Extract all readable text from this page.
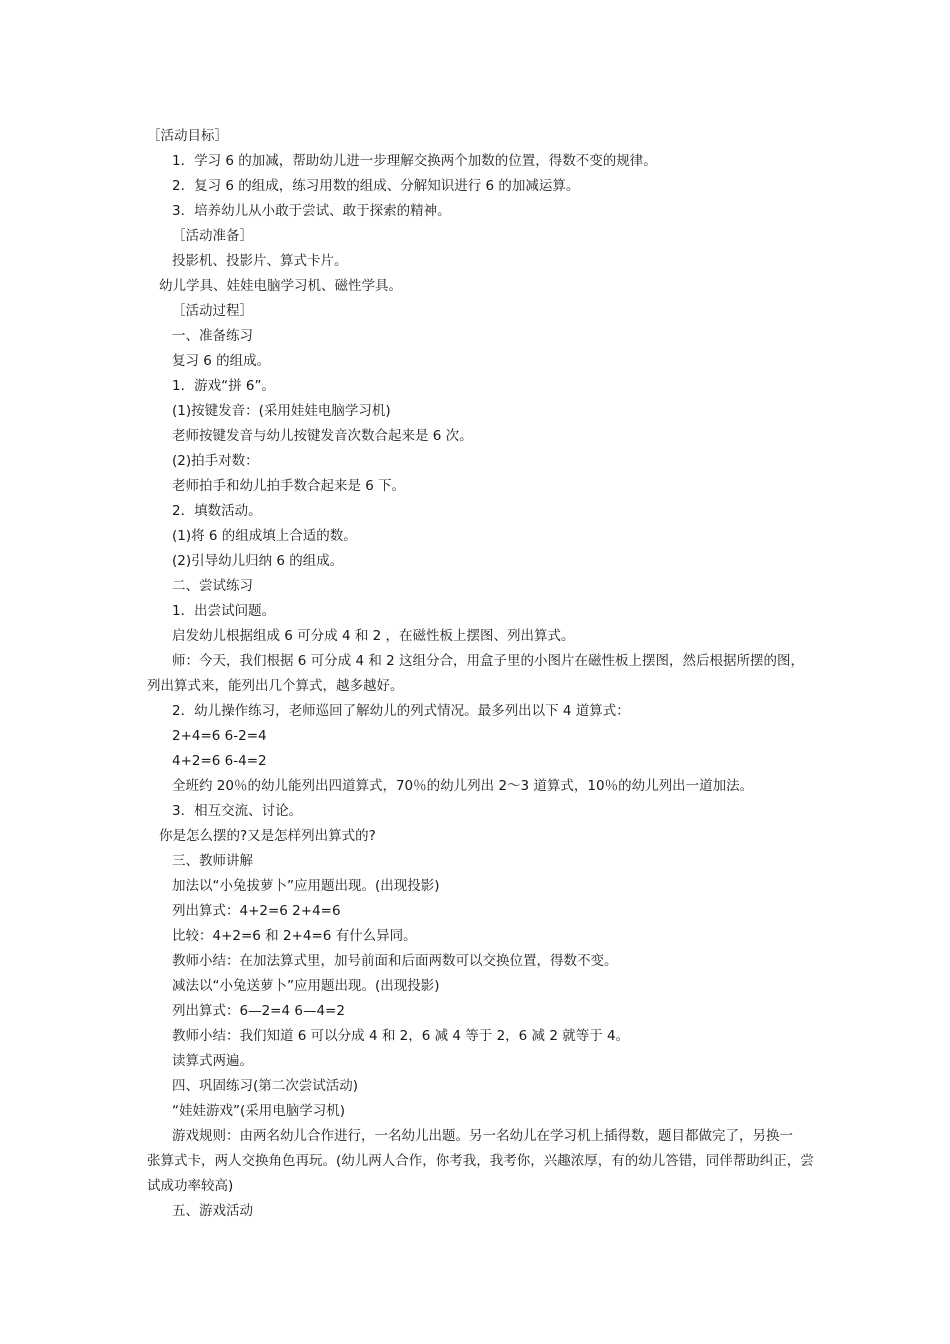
［活动目标］
1．学习 6 的加减，帮助幼儿进一步理解交换两个加数的位置，得数不变的规律。
2．复习 6 的组成，练习用数的组成、分解知识进行 6 的加减运算。
3．培养幼儿从小敢于尝试、敢于探索的精神。
［活动准备］
投影机、投影片、算式卡片。
幼儿学具、娃娃电脑学习机、磁性学具。
［活动过程］
一、准备练习
复习 6 的组成。
1．游戏“拼 6”。
(1)按键发音：(采用娃娃电脑学习机)
老师按键发音与幼儿按键发音次数合起来是 6 次。
(2)拍手对数：
老师拍手和幼儿拍手数合起来是 6 下。
2．填数活动。
(1)将 6 的组成填上合适的数。
(2)引导幼儿归纳 6 的组成。
二、尝试练习
1．出尝试问题。
启发幼儿根据组成 6 可分成 4 和 2 ，在磁性板上摆图、列出算式。
师：今天，我们根据 6 可分成 4 和 2 这组分合，用盒子里的小图片在磁性板上摆图，然后根据所摆的图，
列出算式来，能列出几个算式，越多越好。
2．幼儿操作练习，老师巡回了解幼儿的列式情况。最多列出以下 4 道算式：
2+4=6 6-2=4
4+2=6 6-4=2
全班约 20％的幼儿能列出四道算式，70％的幼儿列出 2～3 道算式，10％的幼儿列出一道加法。
3．相互交流、讨论。
你是怎么摆的?又是怎样列出算式的?
三、教师讲解
加法以“小兔拔萝卜”应用题出现。(出现投影)
列出算式：4+2=6 2+4=6
比较：4+2=6 和 2+4=6 有什么异同。
教师小结：在加法算式里，加号前面和后面两数可以交换位置，得数不变。
减法以“小兔送萝卜”应用题出现。(出现投影)
列出算式：6—2=4 6—4=2
教师小结：我们知道 6 可以分成 4 和 2，6 减 4 等于 2，6 减 2 就等于 4。
读算式两遍。
四、巩固练习(第二次尝试活动)
“娃娃游戏”(采用电脑学习机)
游戏规则：由两名幼儿合作进行，一名幼儿出题。另一名幼儿在学习机上插得数，题目都做完了，另换一
张算式卡，两人交换角色再玩。(幼儿两人合作，你考我，我考你，兴趣浓厚，有的幼儿答错，同伴帮助纠正，尝
试成功率较高)
五、游戏活动
